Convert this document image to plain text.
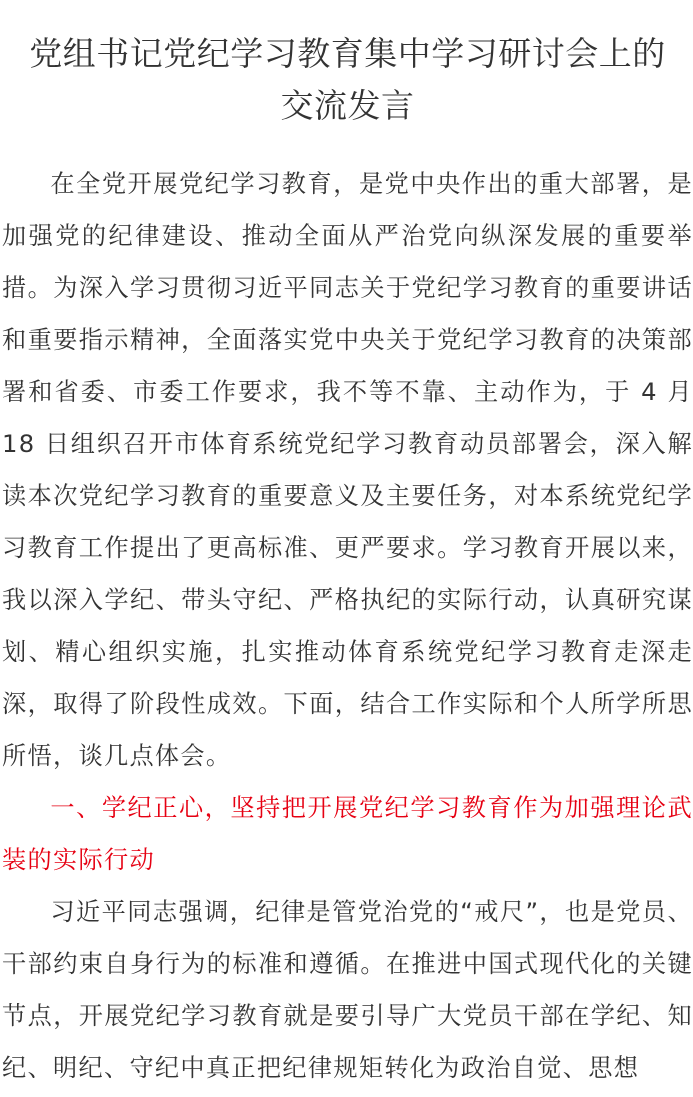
党组书记党纪学习教育集中学习研讨会上的
交流发言

在全党开展党纪学习教育，是党中央作出的重大部署，是加强党的纪律建设、推动全面从严治党向纵深发展的重要举措。为深入学习贯彻习近平同志关于党纪学习教育的重要讲话和重要指示精神，全面落实党中央关于党纪学习教育的决策部署和省委、市委工作要求，我不等不靠、主动作为，于 4 月 18 日组织召开市体育系统党纪学习教育动员部署会，深入解读本次党纪学习教育的重要意义及主要任务，对本系统党纪学习教育工作提出了更高标准、更严要求。学习教育开展以来，我以深入学纪、带头守纪、严格执纪的实际行动，认真研究谋划、精心组织实施，扎实推动体育系统党纪学习教育走深走深，取得了阶段性成效。下面，结合工作实际和个人所学所思所悟，谈几点体会。

一、学纪正心，坚持把开展党纪学习教育作为加强理论武装的实际行动

习近平同志强调，纪律是管党治党的“戒尺”，也是党员、干部约束自身行为的标准和遵循。在推进中国式现代化的关键节点，开展党纪学习教育就是要引导广大党员干部在学纪、知纪、明纪、守纪中真正把纪律规矩转化为政治自觉、思想
